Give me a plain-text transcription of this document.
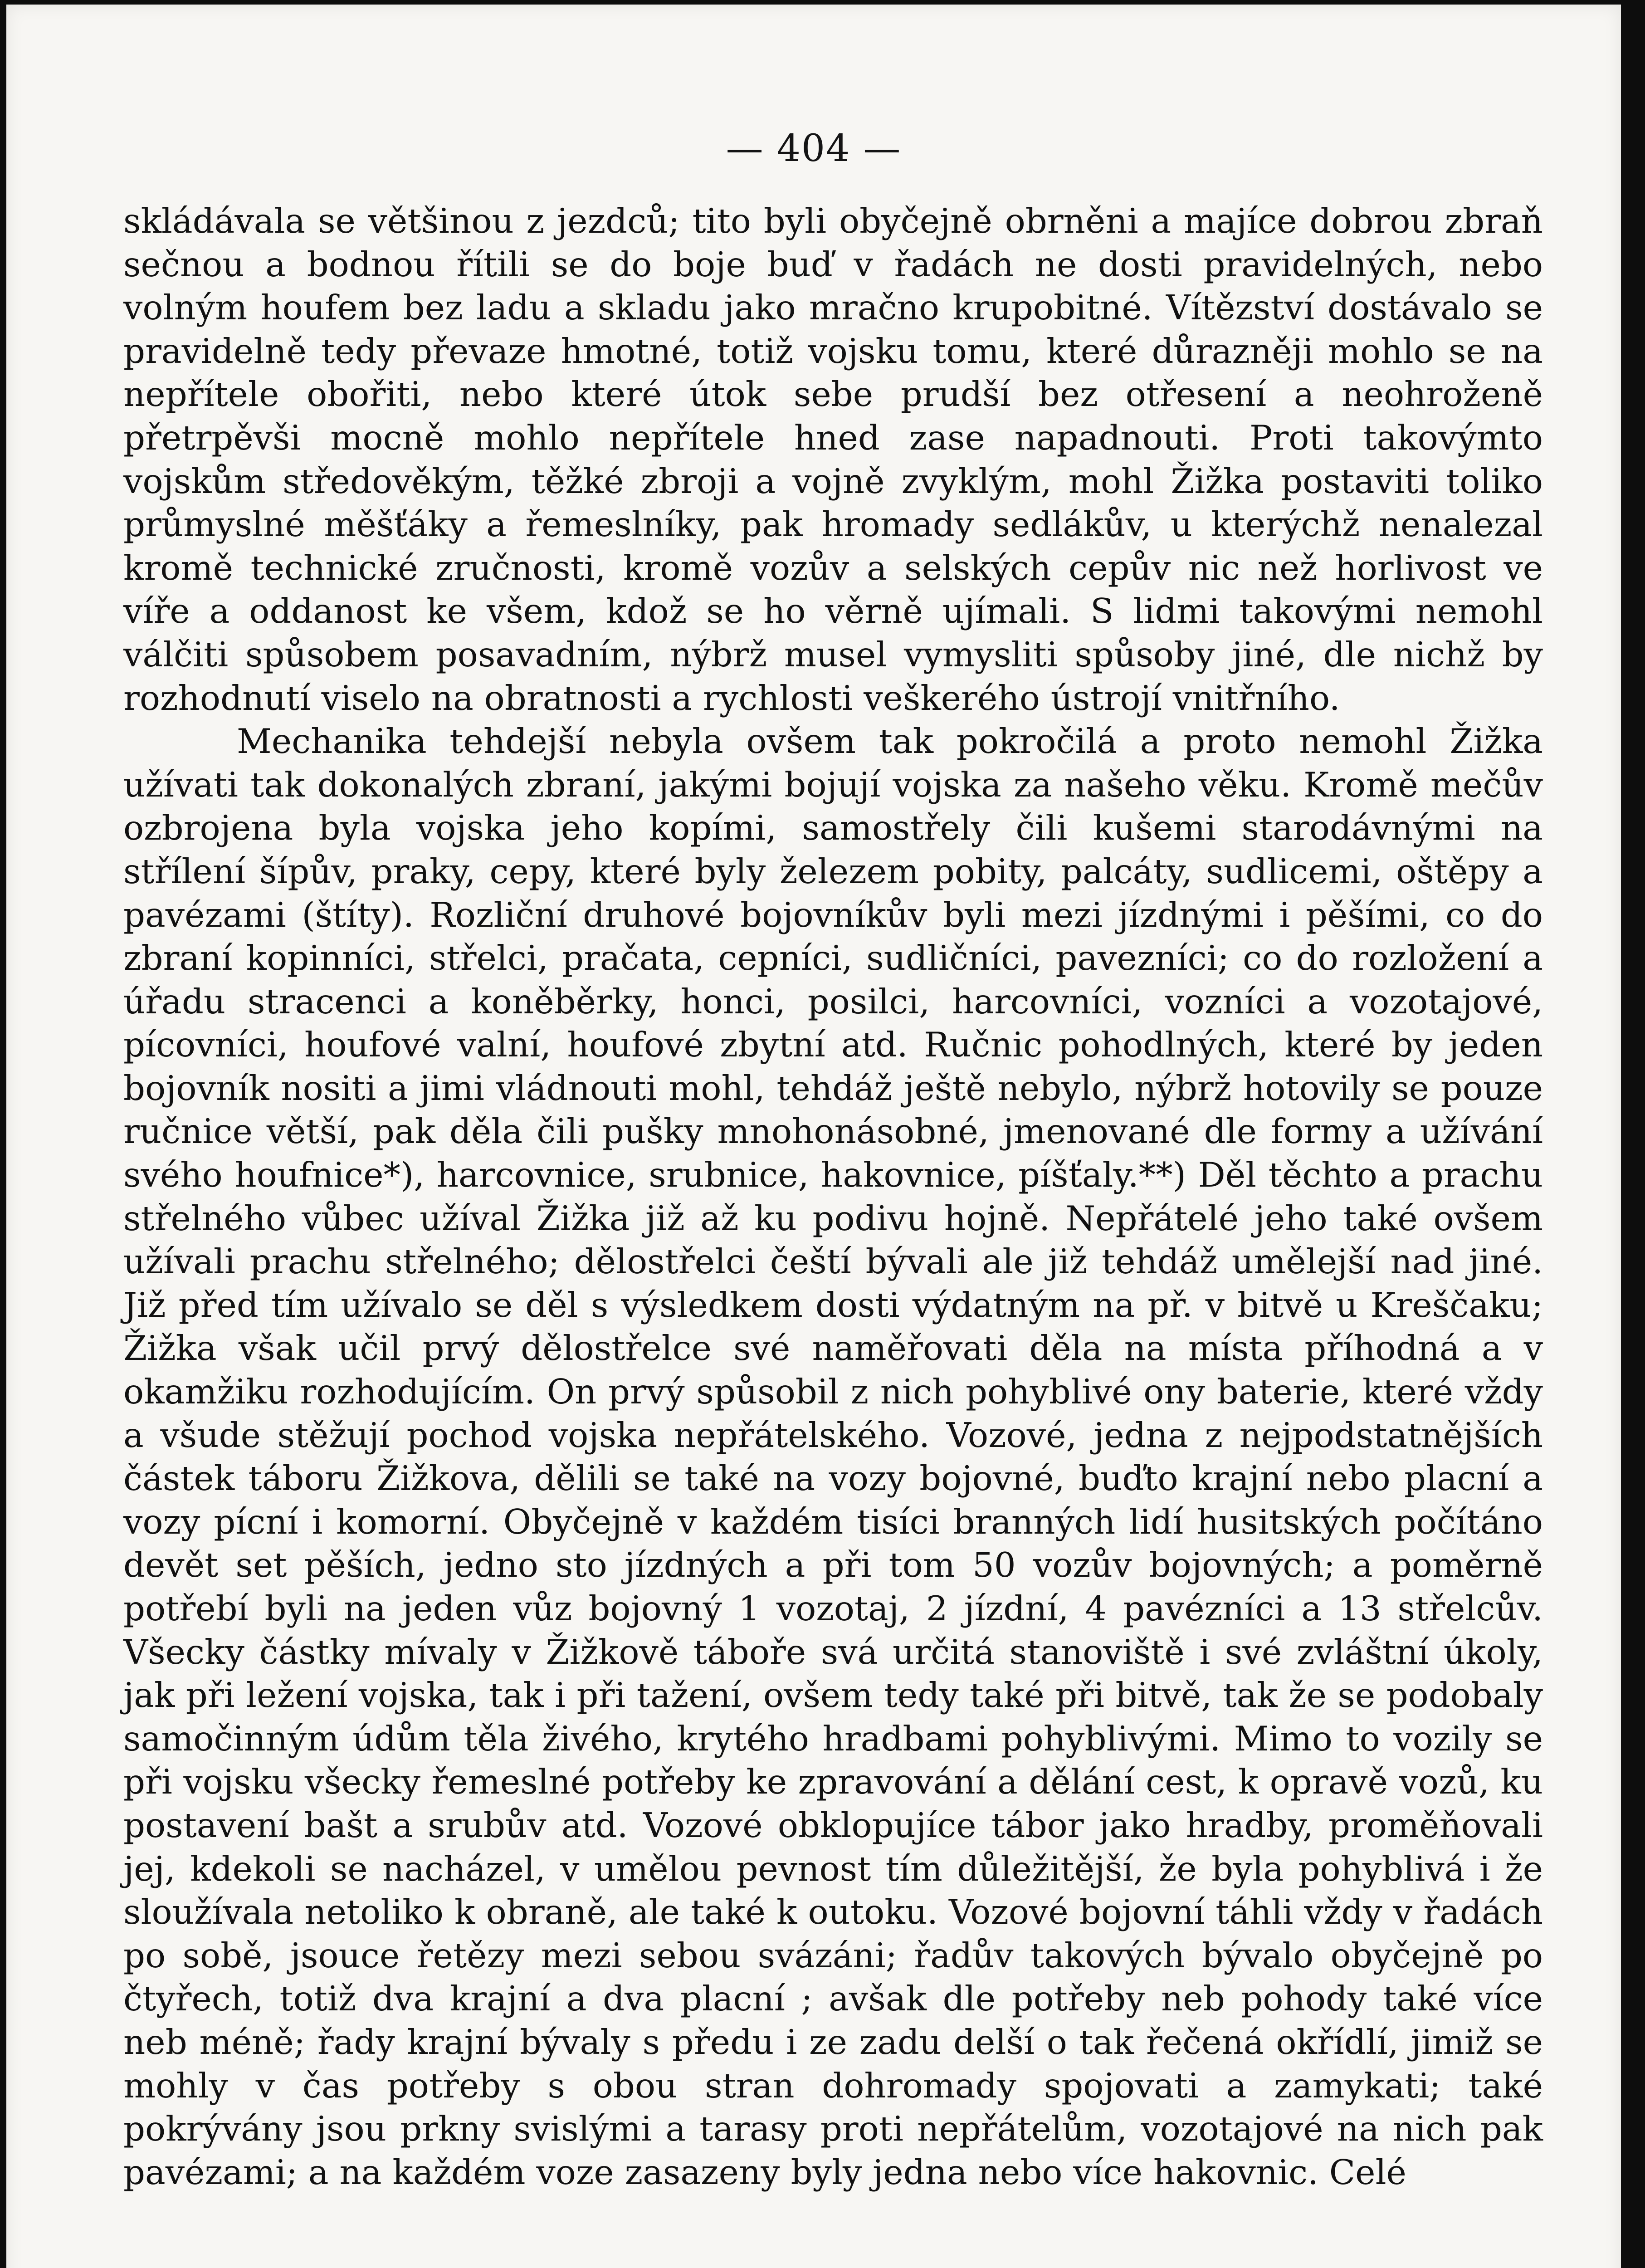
— 404 —

skládávala se většinou z jezdců; tito byli obyčejně obrněni a majíce dobrou zbraň sečnou a bodnou řítili se do boje buď v řadách ne dosti pravidelných, nebo volným houfem bez ladu a skladu jako mračno krupobitné. Vítězství dostávalo se pravidelně tedy převaze hmotné, totiž vojsku tomu, které důrazněji mohlo se na nepřítele obořiti, nebo které útok sebe prudší bez otřesení a neohroženě přetrpěvši mocně mohlo nepřítele hned zase napadnouti. Proti takovýmto vojskům středověkým, těžké zbroji a vojně zvyklým, mohl Žižka postaviti toliko průmyslné měšťáky a řemeslníky, pak hromady sedlákův, u kterýchž nenalezal kromě technické zručnosti, kromě vozův a selských cepův nic než horlivost ve víře a oddanost ke všem, kdož se ho věrně ujímali. S lidmi takovými nemohl válčiti spůsobem posavadním, nýbrž musel vymysliti spůsoby jiné, dle nichž by rozhodnutí viselo na obratnosti a rychlosti veškerého ústrojí vnitřního.

Mechanika tehdejší nebyla ovšem tak pokročilá a proto nemohl Žižka užívati tak dokonalých zbraní, jakými bojují vojska za našeho věku. Kromě mečův ozbrojena byla vojska jeho kopími, samostřely čili kušemi starodávnými na střílení šípův, praky, cepy, které byly železem pobity, palcáty, sudlicemi, oštěpy a pavézami (štíty). Rozliční druhové bojovníkův byli mezi jízdnými i pěšími, co do zbraní kopinníci, střelci, pračata, cepníci, sudličníci, pavezníci; co do rozložení a úřadu stracenci a koněběrky, honci, posilci, harcovníci, vozníci a vozotajové, pícovníci, houfové valní, houfové zbytní atd. Ručnic pohodlných, které by jeden bojovník nositi a jimi vládnouti mohl, tehdáž ještě nebylo, nýbrž hotovily se pouze ručnice větší, pak děla čili pušky mnohonásobné, jmenované dle formy a užívání svého houfnice*), harcovnice, srubnice, hakovnice, píšťaly.**) Děl těchto a prachu střelného vůbec užíval Žižka již až ku podivu hojně. Nepřátelé jeho také ovšem užívali prachu střelného; dělostřelci čeští bývali ale již tehdáž umělejší nad jiné. Již před tím užívalo se děl s výsledkem dosti výdatným na př. v bitvě u Kreščaku; Žižka však učil prvý dělostřelce své naměřovati děla na místa příhodná a v okamžiku rozhodujícím. On prvý spůsobil z nich pohyblivé ony baterie, které vždy a všude stěžují pochod vojska nepřátelského. Vozové, jedna z nejpodstatnějších částek táboru Žižkova, dělili se také na vozy bojovné, buďto krajní nebo placní a vozy pícní i komorní. Obyčejně v každém tisíci branných lidí husitských počítáno devět set pěších, jedno sto jízdných a při tom 50 vozův bojovných; a poměrně potřebí byli na jeden vůz bojovný 1 vozotaj, 2 jízdní, 4 pavézníci a 13 střelcův. Všecky částky mívaly v Žižkově táboře svá určitá stanoviště i své zvláštní úkoly, jak při ležení vojska, tak i při tažení, ovšem tedy také při bitvě, tak že se podobaly samočinným údům těla živého, krytého hradbami pohyblivými. Mimo to vozily se při vojsku všecky řemeslné potřeby ke zpravování a dělání cest, k opravě vozů, ku postavení bašt a srubův atd. Vozové obklopujíce tábor jako hradby, proměňovali jej, kdekoli se nacházel, v umělou pevnost tím důležitější, že byla pohyblivá i že sloužívala netoliko k obraně, ale také k outoku. Vozové bojovní táhli vždy v řadách po sobě, jsouce řetězy mezi sebou svázáni; řadův takových bývalo obyčejně po čtyřech, totiž dva krajní a dva placní ; avšak dle potřeby neb pohody také více neb méně; řady krajní bývaly s předu i ze zadu delší o tak řečená okřídlí, jimiž se mohly v čas potřeby s obou stran dohromady spojovati a zamykati; také pokrývány jsou prkny svislými a tarasy proti nepřátelům, vozotajové na nich pak pavézami; a na každém voze zasazeny byly jedna nebo více hakovnic. Celé
